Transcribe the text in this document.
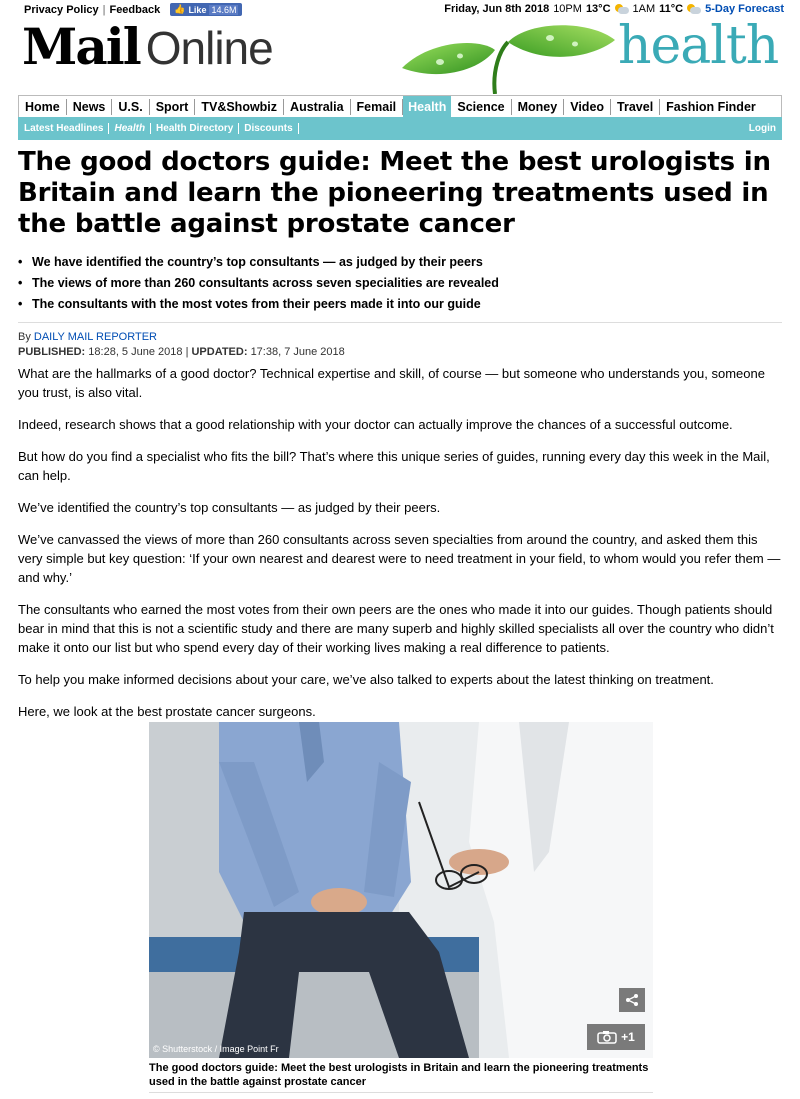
Privacy Policy | Feedback 👍 Like 14.6M	Friday, Jun 8th 2018 10PM 13°C 1AM 11°C 5-Day Forecast
Mail Online	health
Home	News	U.S.	Sport	TV&Showbiz	Australia	Femail Health Science	Money	Video	Travel	Fashion Finder
Latest Headlines	Health	Health Directory	Discounts	Login
The good doctors guide: Meet the best urologists in Britain and learn the pioneering treatments used in the battle against prostate cancer
• We have identified the country’s top consultants — as judged by their peers
• The views of more than 260 consultants across seven specialities are revealed
• The consultants with the most votes from their peers made it into our guide
By DAILY MAIL REPORTER
PUBLISHED: 18:28, 5 June 2018 | UPDATED: 17:38, 7 June 2018

What are the hallmarks of a good doctor? Technical expertise and skill, of course — but someone who understands you, someone you trust, is also vital.

Indeed, research shows that a good relationship with your doctor can actually improve the chances of a successful outcome.

But how do you find a specialist who fits the bill? That’s where this unique series of guides, running every day this week in the Mail, can help.

We’ve identified the country’s top consultants — as judged by their peers.

We’ve canvassed the views of more than 260 consultants across seven specialties from around the country, and asked them this very simple but key question: ‘If your own nearest and dearest were to need treatment in your field, to whom would you refer them — and why.’

The consultants who earned the most votes from their own peers are the ones who made it into our guides. Though patients should bear in mind that this is not a scientific study and there are many superb and highly skilled specialists all over the country who didn’t make it onto our list but who spend every day of their working lives making a real difference to patients.

To help you make informed decisions about your care, we’ve also talked to experts about the latest thinking on treatment.

Here, we look at the best prostate cancer surgeons.

© Shutterstock / Image Point Fr
+1
The good doctors guide: Meet the best urologists in Britain and learn the pioneering treatments used in the battle against prostate cancer
